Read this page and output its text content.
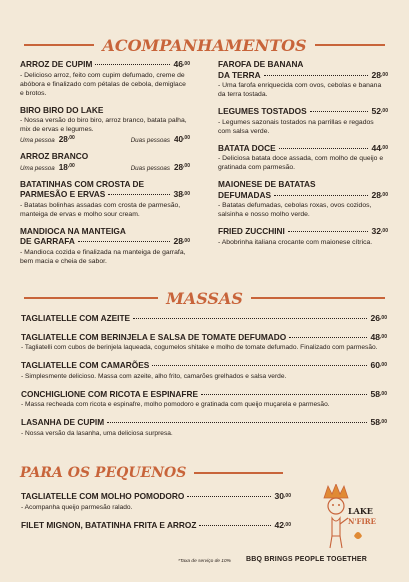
ACOMPANHAMENTOS
ARROZ DE CUPIM	$46^{,00}$
- Delicioso arroz, feito com cupim defumado, creme de abóbora e finalizado com pétalas de cebola, demiglace e brotos.
BIRO BIRO DO LAKE
- Nossa versão do biro biro, arroz branco, batata palha, mix de ervas e legumes.
Uma pessoa $28^{,00}$	Duas pessoas $40^{,00}$
ARROZ BRANCO
Uma pessoa $18^{,00}$	Duas pessoas $28^{,00}$
BATATINHAS COM CROSTA DE
PARMESÃO E ERVAS	$38^{,00}$
- Batatas bolinhas assadas com crosta de parmesão, manteiga de ervas e molho sour cream.
MANDIOCA NA MANTEIGA
DE GARRAFA	$28^{,00}$
- Mandioca cozida e finalizada na manteiga de garrafa, bem macia e cheia de sabor.
FAROFA DE BANANA
DA TERRA	$28^{,00}$
- Uma farofa enriquecida com ovos, cebolas e banana da terra tostada.
LEGUMES TOSTADOS	$52^{,00}$
- Legumes sazonais tostados na parrillas e regados com salsa verde.
BATATA DOCE	$44^{,00}$
- Deliciosa batata doce assada, com molho de queijo e gratinada com parmesão.
MAIONESE DE BATATAS
DEFUMADAS	$28^{,00}$
- Batatas defumadas, cebolas roxas, ovos cozidos, salsinha e nosso molho verde.
FRIED ZUCCHINI	$32^{,00}$
- Abobrinha italiana crocante com maionese cítrica.
MASSAS
TAGLIATELLE COM AZEITE	$26^{,00}$
TAGLIATELLE COM BERINJELA E SALSA DE TOMATE DEFUMADO	$48^{,00}$
- Tagliatelli com cubos de berinjela laqueada, cogumelos shitake e molho de tomate defumado. Finalizado com parmesão.
TAGLIATELLE COM CAMARÕES	$60^{,00}$
- Simplesmente delicioso. Massa com azeite, alho frito, camarões grelhados e salsa verde.
CONCHIGLIONE COM RICOTA E ESPINAFRE	$58^{,00}$
- Massa recheada com ricota e espinafre, molho pomodoro e gratinada com queijo muçarela e parmesão.
LASANHA DE CUPIM	$58^{,00}$
- Nossa versão da lasanha, uma deliciosa surpresa.
PARA OS PEQUENOS
TAGLIATELLE COM MOLHO POMODORO	$30^{,00}$
- Acompanha queijo parmesão ralado.
FILET MIGNON, BATATINHA FRITA E ARROZ	$42^{,00}$
LAKE
N'FIRE
*Taxa de serviço de 10% BBQ BRINGS PEOPLE TOGETHER
